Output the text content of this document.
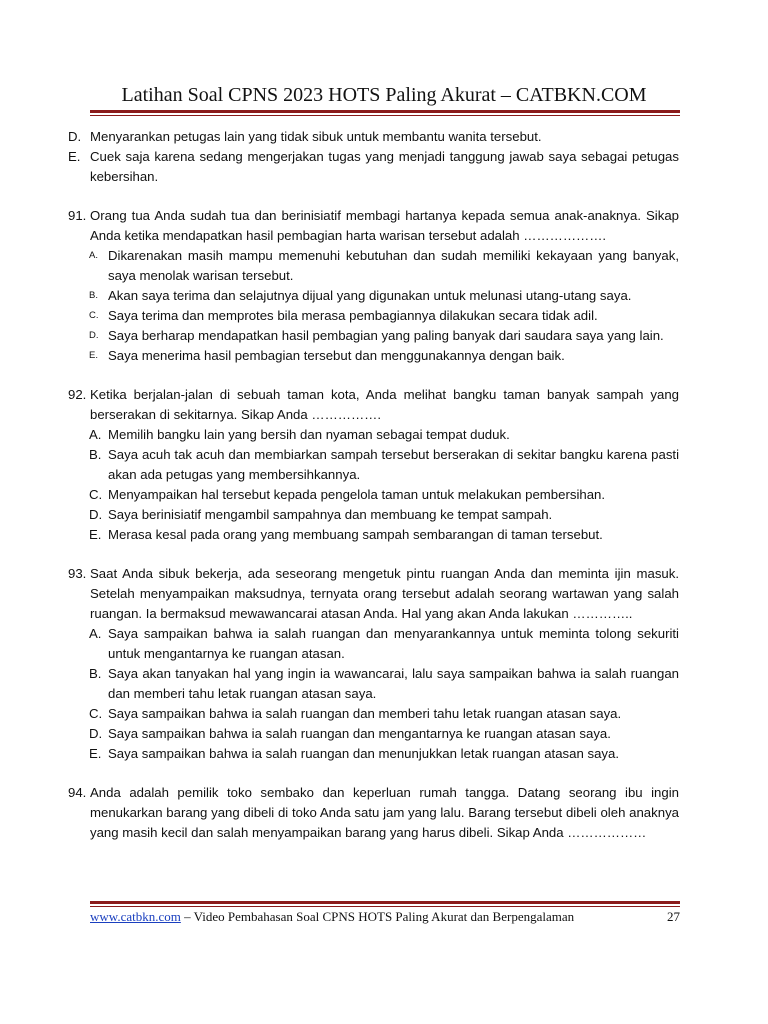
Latihan Soal CPNS 2023 HOTS Paling Akurat – CATBKN.COM
D. Menyarankan petugas lain yang tidak sibuk untuk membantu wanita tersebut.
E. Cuek saja karena sedang mengerjakan tugas yang menjadi tanggung jawab saya sebagai petugas kebersihan.
91. Orang tua Anda sudah tua dan berinisiatif membagi hartanya kepada semua anak-anaknya. Sikap Anda ketika mendapatkan hasil pembagian harta warisan tersebut adalah ……………….
A. Dikarenakan masih mampu memenuhi kebutuhan dan sudah memiliki kekayaan yang banyak, saya menolak warisan tersebut.
B. Akan saya terima dan selajutnya dijual yang digunakan untuk melunasi utang-utang saya.
C. Saya terima dan memprotes bila merasa pembagiannya dilakukan secara tidak adil.
D. Saya berharap mendapatkan hasil pembagian yang paling banyak dari saudara saya yang lain.
E. Saya menerima hasil pembagian tersebut dan menggunakannya dengan baik.
92. Ketika berjalan-jalan di sebuah taman kota, Anda melihat bangku taman banyak sampah yang berserakan di sekitarnya. Sikap Anda …………….
A. Memilih bangku lain yang bersih dan nyaman sebagai tempat duduk.
B. Saya acuh tak acuh dan membiarkan sampah tersebut berserakan di sekitar bangku karena pasti akan ada petugas yang membersihkannya.
C. Menyampaikan hal tersebut kepada pengelola taman untuk melakukan pembersihan.
D. Saya berinisiatif mengambil sampahnya dan membuang ke tempat sampah.
E. Merasa kesal pada orang yang membuang sampah sembarangan di taman tersebut.
93. Saat Anda sibuk bekerja, ada seseorang mengetuk pintu ruangan Anda dan meminta ijin masuk. Setelah menyampaikan maksudnya, ternyata orang tersebut adalah seorang wartawan yang salah ruangan. Ia bermaksud mewawancarai atasan Anda. Hal yang akan Anda lakukan …………..
A. Saya sampaikan bahwa ia salah ruangan dan menyarankannya untuk meminta tolong sekuriti untuk mengantarnya ke ruangan atasan.
B. Saya akan tanyakan hal yang ingin ia wawancarai, lalu saya sampaikan bahwa ia salah ruangan dan memberi tahu letak ruangan atasan saya.
C. Saya sampaikan bahwa ia salah ruangan dan memberi tahu letak ruangan atasan saya.
D. Saya sampaikan bahwa ia salah ruangan dan mengantarnya ke ruangan atasan saya.
E. Saya sampaikan bahwa ia salah ruangan dan menunjukkan letak ruangan atasan saya.
94. Anda adalah pemilik toko sembako dan keperluan rumah tangga. Datang seorang ibu ingin menukarkan barang yang dibeli di toko Anda satu jam yang lalu. Barang tersebut dibeli oleh anaknya yang masih kecil dan salah menyampaikan barang yang harus dibeli. Sikap Anda ………………
www.catbkn.com – Video Pembahasan Soal CPNS HOTS Paling Akurat dan Berpengalaman	27
